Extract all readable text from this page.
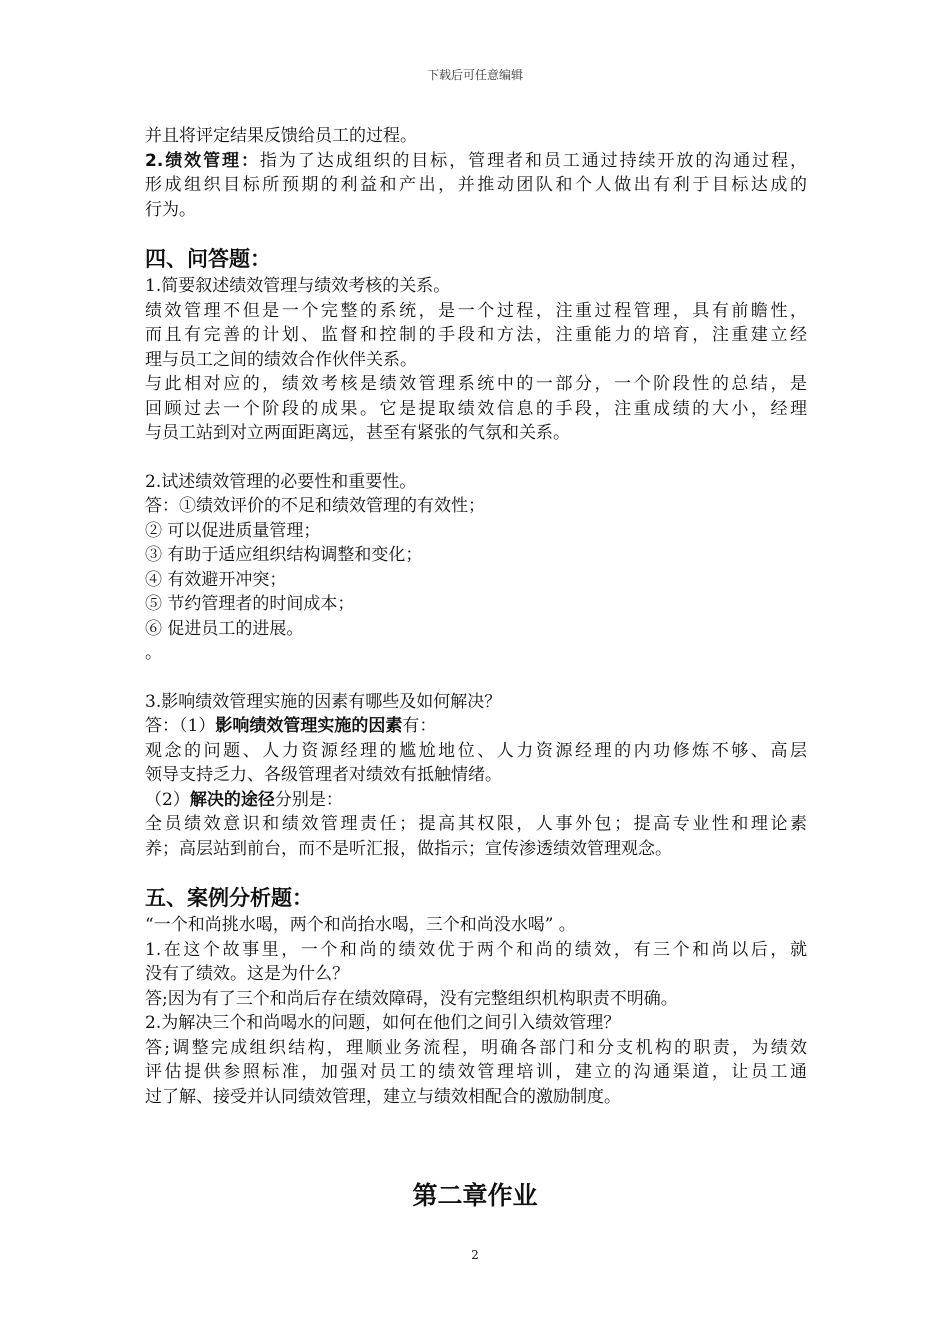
下载后可任意编辑
并且将评定结果反馈给员工的过程。
2.绩效管理：指为了达成组织的目标，管理者和员工通过持续开放的沟通过程，
形成组织目标所预期的利益和产出，并推动团队和个人做出有利于目标达成的
行为。
四、问答题：
1.简要叙述绩效管理与绩效考核的关系。
绩效管理不但是一个完整的系统，是一个过程，注重过程管理，具有前瞻性，
而且有完善的计划、监督和控制的手段和方法，注重能力的培育，注重建立经
理与员工之间的绩效合作伙伴关系。
与此相对应的，绩效考核是绩效管理系统中的一部分，一个阶段性的总结，是
回顾过去一个阶段的成果。它是提取绩效信息的手段，注重成绩的大小，经理
与员工站到对立两面距离远，甚至有紧张的气氛和关系。
2.试述绩效管理的必要性和重要性。
答：①绩效评价的不足和绩效管理的有效性；
② 可以促进质量管理；
③ 有助于适应组织结构调整和变化；
④ 有效避开冲突；
⑤ 节约管理者的时间成本；
⑥ 促进员工的进展。
。
3.影响绩效管理实施的因素有哪些及如何解决？
答：（1）影响绩效管理实施的因素有：
观念的问题、人力资源经理的尴尬地位、人力资源经理的内功修炼不够、高层
领导支持乏力、各级管理者对绩效有抵触情绪。
（2）解决的途径分别是：
全员绩效意识和绩效管理责任；提高其权限，人事外包；提高专业性和理论素
养；高层站到前台，而不是听汇报，做指示；宣传渗透绩效管理观念。
五、案例分析题：
“一个和尚挑水喝，两个和尚抬水喝，三个和尚没水喝” 。
1.在这个故事里，一个和尚的绩效优于两个和尚的绩效，有三个和尚以后，就
没有了绩效。这是为什么？
答;因为有了三个和尚后存在绩效障碍，没有完整组织机构职责不明确。
2.为解决三个和尚喝水的问题，如何在他们之间引入绩效管理？
答;调整完成组织结构，理顺业务流程，明确各部门和分支机构的职责，为绩效
评估提供参照标准，加强对员工的绩效管理培训，建立的沟通渠道，让员工通
过了解、接受并认同绩效管理，建立与绩效相配合的激励制度。
第二章作业
2
